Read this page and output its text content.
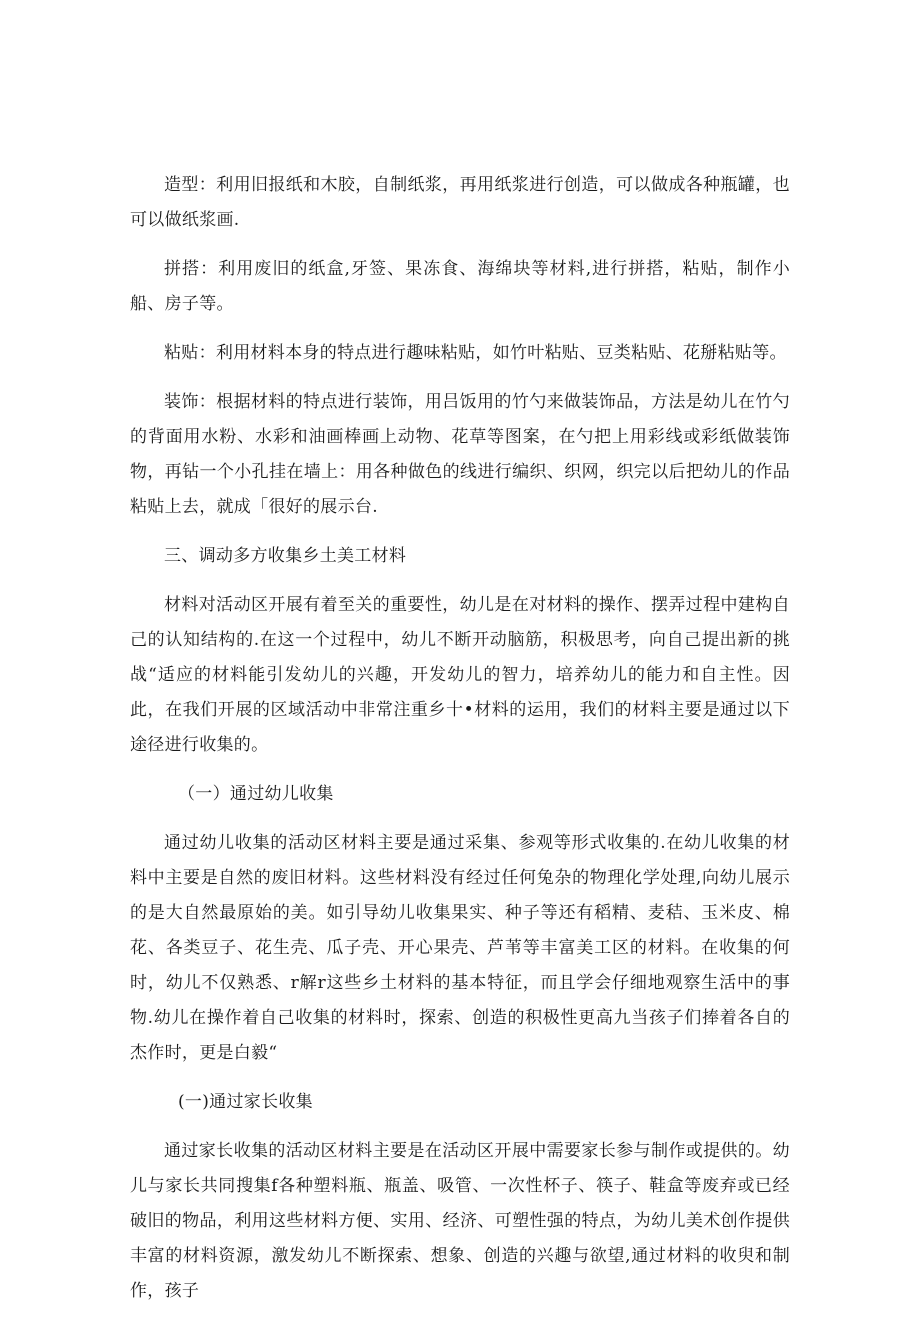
造型：利用旧报纸和木胶，自制纸浆，再用纸浆进行创造，可以做成各种瓶罐，也可以做纸浆画.

拼搭：利用废旧的纸盒,牙签、果冻食、海绵块等材料,进行拼搭，粘贴，制作小船、房子等。

粘贴：利用材料本身的特点进行趣味粘贴，如竹叶粘贴、豆类粘贴、花掰粘贴等。

装饰：根据材料的特点进行装饰，用吕饭用的竹勺来做装饰品，方法是幼儿在竹勺的背面用水粉、水彩和油画棒画上动物、花草等图案，在勺把上用彩线或彩纸做装饰物，再钻一个小孔挂在墙上：用各种做色的线进行编织、织网，织完以后把幼儿的作品粘贴上去，就成「很好的展示台.

三、调动多方收集乡土美工材料

材料对活动区开展有着至关的重要性，幼儿是在对材料的操作、摆弄过程中建构自己的认知结构的.在这一个过程中，幼儿不断开动脑筋，积极思考，向自己提出新的挑战“适应的材料能引发幼儿的兴趣，开发幼儿的智力，培养幼儿的能力和自主性。因此，在我们开展的区域活动中非常注重乡十•材料的运用，我们的材料主要是通过以下途径进行收集的。

（一）通过幼儿收集

通过幼儿收集的活动区材料主要是通过采集、参观等形式收集的.在幼儿收集的材料中主要是自然的废旧材料。这些材料没有经过任何兔杂的物理化学处理,向幼儿展示的是大自然最原始的美。如引导幼儿收集果实、种子等还有稻精、麦秸、玉米皮、棉花、各类豆子、花生壳、瓜子壳、开心果壳、芦苇等丰富美工区的材料。在收集的何时，幼儿不仅熟悉、r解r这些乡土材料的基本特征，而且学会仔细地观察生活中的事物.幼儿在操作着自己收集的材料时，探索、创造的积极性更高九当孩子们捧着各自的杰作时，更是白毅“

(一)通过家长收集

通过家长收集的活动区材料主要是在活动区开展中需要家长参与制作或提供的。幼儿与家长共同搜集f各种塑料瓶、瓶盖、吸管、一次性杯子、筷子、鞋盒等废弃或已经破旧的物品，利用这些材料方便、实用、经济、可塑性强的特点，为幼儿美术创作提供丰富的材料资源，激发幼儿不断探索、想象、创造的兴趣与欲望,通过材料的收臾和制作，孩子
